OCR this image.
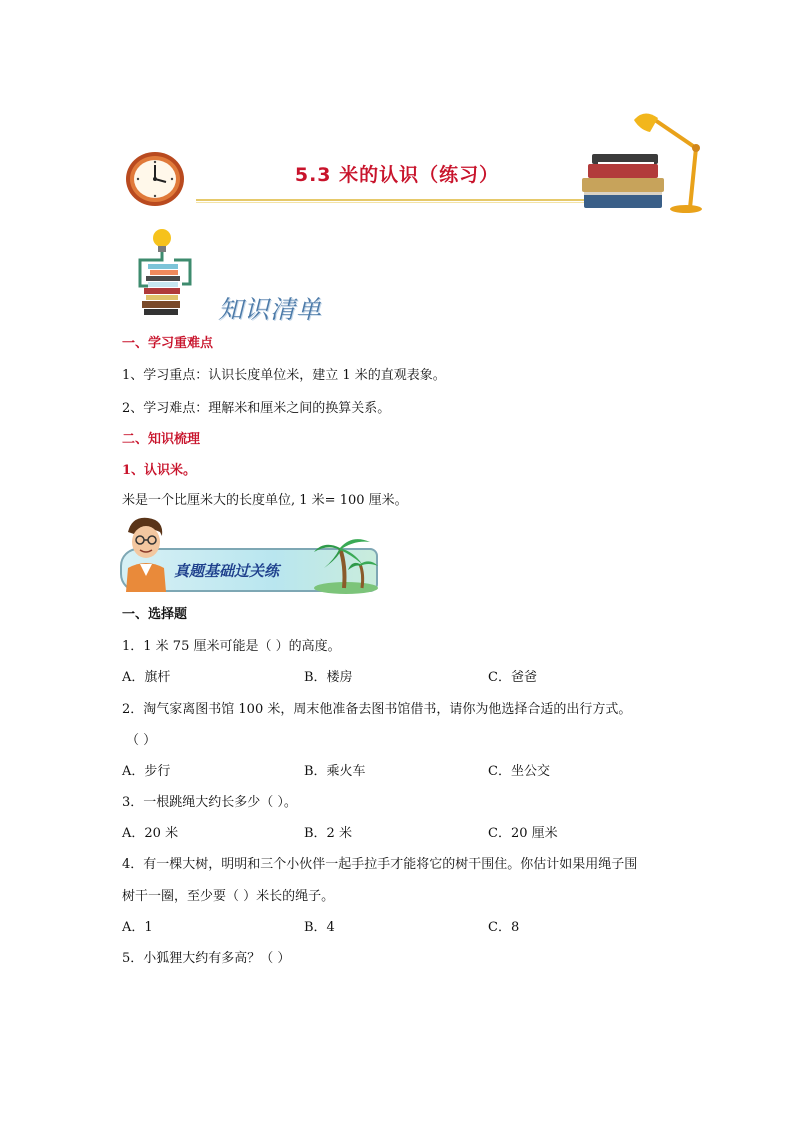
5.3 米的认识（练习）
知识清单
一、学习重难点
1、学习重点：认识长度单位米，建立 1 米的直观表象。
2、学习难点：理解米和厘米之间的换算关系。
二、知识梳理
1、认识米。
米是一个比厘米大的长度单位, 1 米= 100 厘米。
真题基础过关练
一、选择题
1．1 米 75 厘米可能是（ ）的高度。
A．旗杆	B．楼房	C．爸爸
2．淘气家离图书馆 100 米，周末他准备去图书馆借书，请你为他选择合适的出行方式。
（ ）
A．步行	B．乘火车	C．坐公交
3．一根跳绳大约长多少（ ）。
A．20 米	B．2 米	C．20 厘米
4．有一棵大树，明明和三个小伙伴一起手拉手才能将它的树干围住。你估计如果用绳子围
树干一圈，至少要（ ）米长的绳子。
A．1	B．4	C．8
5．小狐狸大约有多高？（ ）
